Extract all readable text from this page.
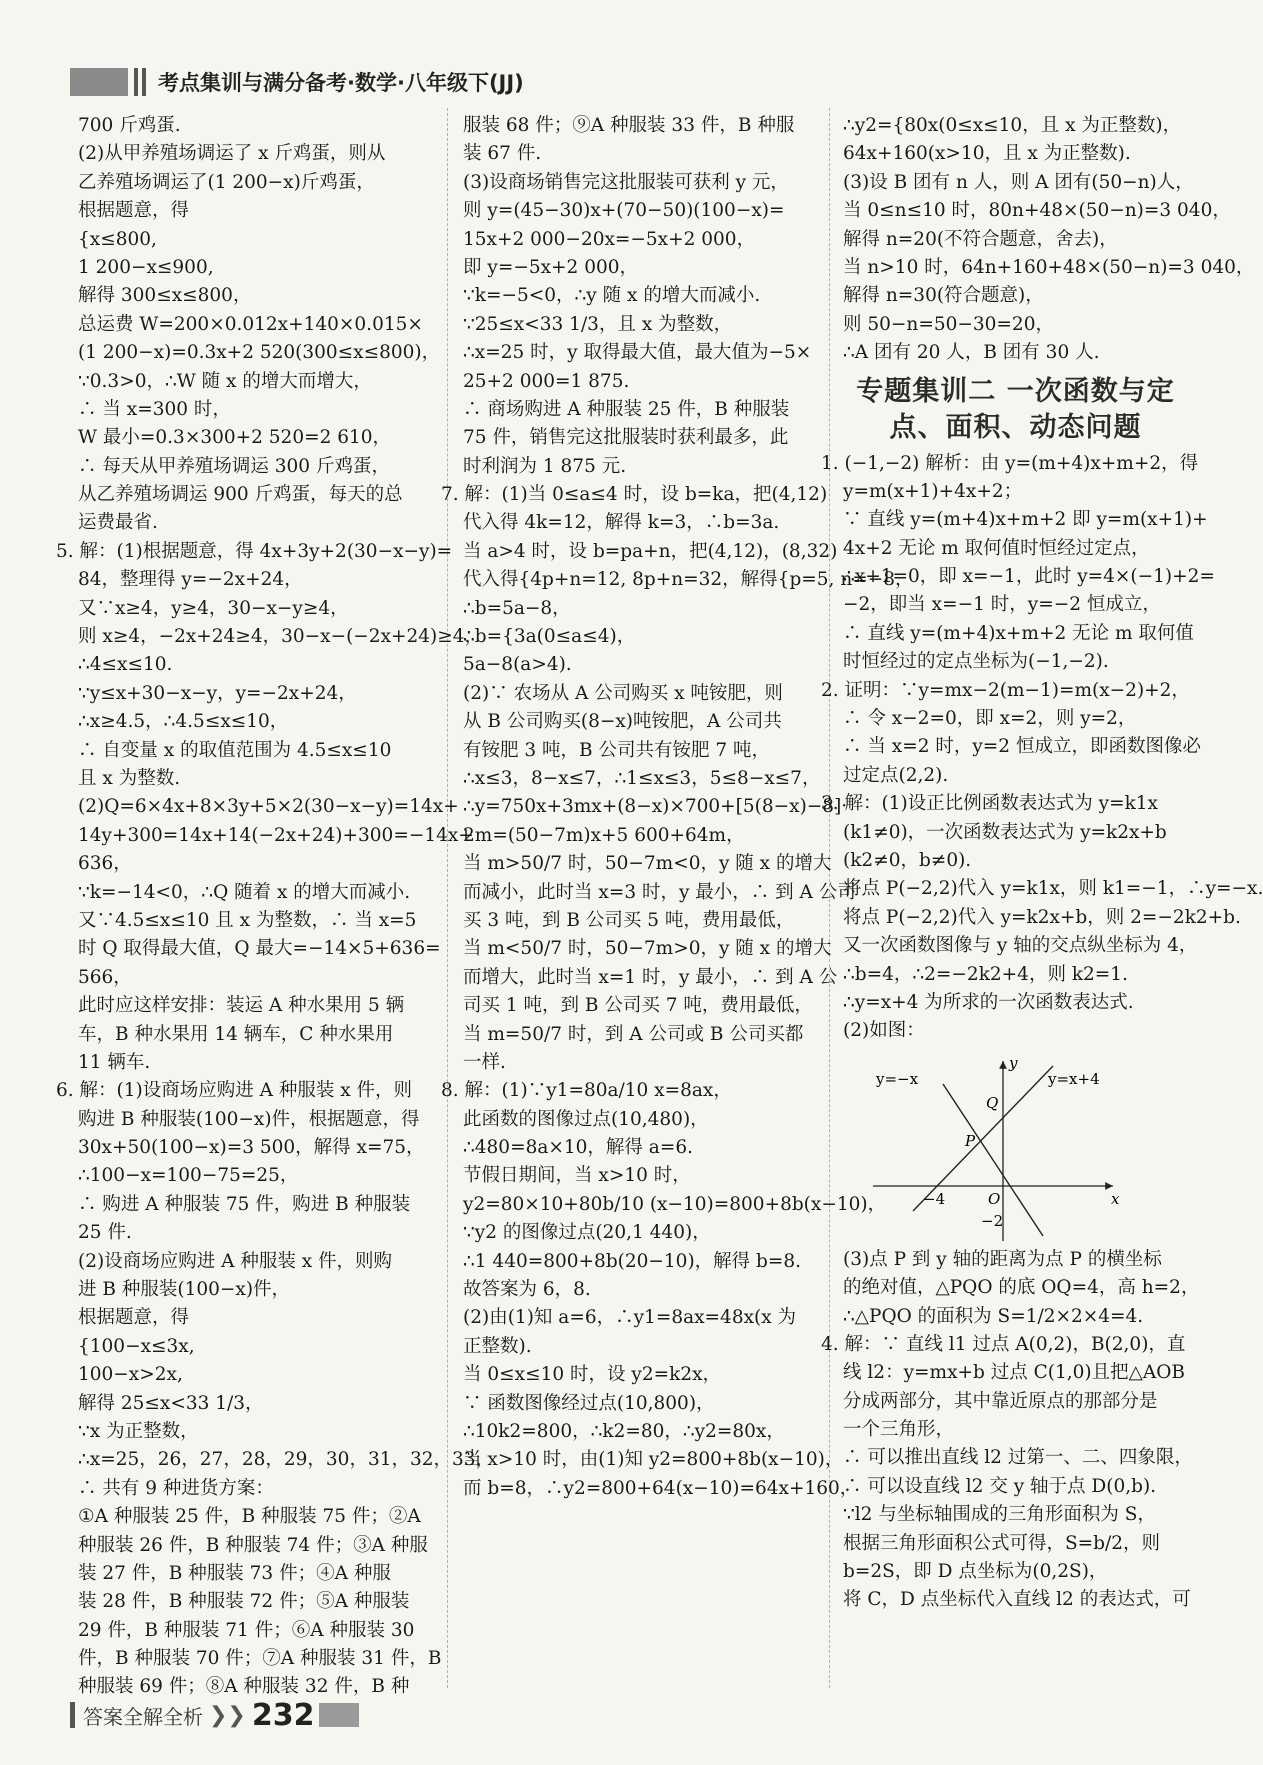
考点集训与满分备考·数学·八年级下(JJ)
700 斤鸡蛋.
(2)从甲养殖场调运了 x 斤鸡蛋，则从
乙养殖场调运了(1 200−x)斤鸡蛋，
根据题意，得
{x≤800,
1 200−x≤900,
解得 300≤x≤800，
总运费 W=200×0.012x+140×0.015×
(1 200−x)=0.3x+2 520(300≤x≤800)，
∵0.3>0，∴W 随 x 的增大而增大，
∴ 当 x=300 时，
W 最小=0.3×300+2 520=2 610，
∴ 每天从甲养殖场调运 300 斤鸡蛋，
从乙养殖场调运 900 斤鸡蛋，每天的总
运费最省.
5. 解：(1)根据题意，得 4x+3y+2(30−x−y)=
84，整理得 y=−2x+24，
又∵x≥4，y≥4，30−x−y≥4，
则 x≥4，−2x+24≥4，30−x−(−2x+24)≥4，
∴4≤x≤10.
∵y≤x+30−x−y，y=−2x+24，
∴x≥4.5，∴4.5≤x≤10，
∴ 自变量 x 的取值范围为 4.5≤x≤10
且 x 为整数.
(2)Q=6×4x+8×3y+5×2(30−x−y)=14x+
14y+300=14x+14(−2x+24)+300=−14x+
636，
∵k=−14<0，∴Q 随着 x 的增大而减小.
又∵4.5≤x≤10 且 x 为整数，∴ 当 x=5
时 Q 取得最大值，Q 最大=−14×5+636=
566，
此时应这样安排：装运 A 种水果用 5 辆
车，B 种水果用 14 辆车，C 种水果用
11 辆车.
6. 解：(1)设商场应购进 A 种服装 x 件，则
购进 B 种服装(100−x)件，根据题意，得
30x+50(100−x)=3 500，解得 x=75，
∴100−x=100−75=25，
∴ 购进 A 种服装 75 件，购进 B 种服装
25 件.
(2)设商场应购进 A 种服装 x 件，则购
进 B 种服装(100−x)件，
根据题意，得
{100−x≤3x,
100−x>2x,
解得 25≤x<33 1/3，
∵x 为正整数，
∴x=25，26，27，28，29，30，31，32，33，
∴ 共有 9 种进货方案：
①A 种服装 25 件，B 种服装 75 件；②A
种服装 26 件，B 种服装 74 件；③A 种服
装 27 件，B 种服装 73 件；④A 种服
装 28 件，B 种服装 72 件；⑤A 种服装
29 件，B 种服装 71 件；⑥A 种服装 30
件，B 种服装 70 件；⑦A 种服装 31 件，B
种服装 69 件；⑧A 种服装 32 件，B 种
服装 68 件；⑨A 种服装 33 件，B 种服
装 67 件.
(3)设商场销售完这批服装可获利 y 元，
则 y=(45−30)x+(70−50)(100−x)=
15x+2 000−20x=−5x+2 000，
即 y=−5x+2 000，
∵k=−5<0，∴y 随 x 的增大而减小.
∵25≤x<33 1/3，且 x 为整数，
∴x=25 时，y 取得最大值，最大值为−5×
25+2 000=1 875.
∴ 商场购进 A 种服装 25 件，B 种服装
75 件，销售完这批服装时获利最多，此
时利润为 1 875 元.
7. 解：(1)当 0≤a≤4 时，设 b=ka，把(4,12)
代入得 4k=12，解得 k=3，∴b=3a.
当 a>4 时，设 b=pa+n，把(4,12)，(8,32)
代入得{4p+n=12, 8p+n=32，解得{p=5, n=−8，
∴b=5a−8，
∴b={3a(0≤a≤4)，
5a−8(a>4).
(2)∵ 农场从 A 公司购买 x 吨铵肥，则
从 B 公司购买(8−x)吨铵肥，A 公司共
有铵肥 3 吨，B 公司共有铵肥 7 吨，
∴x≤3，8−x≤7，∴1≤x≤3，5≤8−x≤7，
∴y=750x+3mx+(8−x)×700+[5(8−x)−8]·
2m=(50−7m)x+5 600+64m，
当 m>50/7 时，50−7m<0，y 随 x 的增大
而减小，此时当 x=3 时，y 最小，∴ 到 A 公司
买 3 吨，到 B 公司买 5 吨，费用最低，
当 m<50/7 时，50−7m>0，y 随 x 的增大
而增大，此时当 x=1 时，y 最小，∴ 到 A 公
司买 1 吨，到 B 公司买 7 吨，费用最低，
当 m=50/7 时，到 A 公司或 B 公司买都
一样.
8. 解：(1)∵y1=80a/10 x=8ax，
此函数的图像过点(10,480)，
∴480=8a×10，解得 a=6.
节假日期间，当 x>10 时，
y2=80×10+80b/10 (x−10)=800+8b(x−10)，
∵y2 的图像过点(20,1 440)，
∴1 440=800+8b(20−10)，解得 b=8.
故答案为 6，8.
(2)由(1)知 a=6，∴y1=8ax=48x(x 为
正整数).
当 0≤x≤10 时，设 y2=k2x，
∵ 函数图像经过点(10,800)，
∴10k2=800，∴k2=80，∴y2=80x，
当 x>10 时，由(1)知 y2=800+8b(x−10)，
而 b=8，∴y2=800+64(x−10)=64x+160，
∴y2={80x(0≤x≤10，且 x 为正整数)，
64x+160(x>10，且 x 为正整数).
(3)设 B 团有 n 人，则 A 团有(50−n)人，
当 0≤n≤10 时，80n+48×(50−n)=3 040，
解得 n=20(不符合题意，舍去)，
当 n>10 时，64n+160+48×(50−n)=3 040，
解得 n=30(符合题意)，
则 50−n=50−30=20，
∴A 团有 20 人，B 团有 30 人.
专题集训二 一次函数与定
点、面积、动态问题
1. (−1,−2) 解析：由 y=(m+4)x+m+2，得
y=m(x+1)+4x+2；
∵ 直线 y=(m+4)x+m+2 即 y=m(x+1)+
4x+2 无论 m 取何值时恒经过定点，
∴x+1=0，即 x=−1，此时 y=4×(−1)+2=
−2，即当 x=−1 时，y=−2 恒成立，
∴ 直线 y=(m+4)x+m+2 无论 m 取何值
时恒经过的定点坐标为(−1,−2).
2. 证明：∵y=mx−2(m−1)=m(x−2)+2，
∴ 令 x−2=0，即 x=2，则 y=2，
∴ 当 x=2 时，y=2 恒成立，即函数图像必
过定点(2,2).
3. 解：(1)设正比例函数表达式为 y=k1x
(k1≠0)，一次函数表达式为 y=k2x+b
(k2≠0，b≠0).
将点 P(−2,2)代入 y=k1x，则 k1=−1，∴y=−x.
将点 P(−2,2)代入 y=k2x+b，则 2=−2k2+b.
又一次函数图像与 y 轴的交点纵坐标为 4，
∴b=4，∴2=−2k2+4，则 k2=1.
∴y=x+4 为所求的一次函数表达式.
(2)如图：
y=−x	y=x+4
y
x
Q
P
O
−4
−2
(3)点 P 到 y 轴的距离为点 P 的横坐标
的绝对值，△PQO 的底 OQ=4，高 h=2，
∴△PQO 的面积为 S=1/2×2×4=4.
4. 解：∵ 直线 l1 过点 A(0,2)，B(2,0)，直
线 l2：y=mx+b 过点 C(1,0)且把△AOB
分成两部分，其中靠近原点的那部分是
一个三角形，
∴ 可以推出直线 l2 过第一、二、四象限，
∴ 可以设直线 l2 交 y 轴于点 D(0,b).
∵l2 与坐标轴围成的三角形面积为 S，
根据三角形面积公式可得，S=b/2，则
b=2S，即 D 点坐标为(0,2S)，
将 C，D 点坐标代入直线 l2 的表达式，可
答案全解全析 ❯❯ 232
